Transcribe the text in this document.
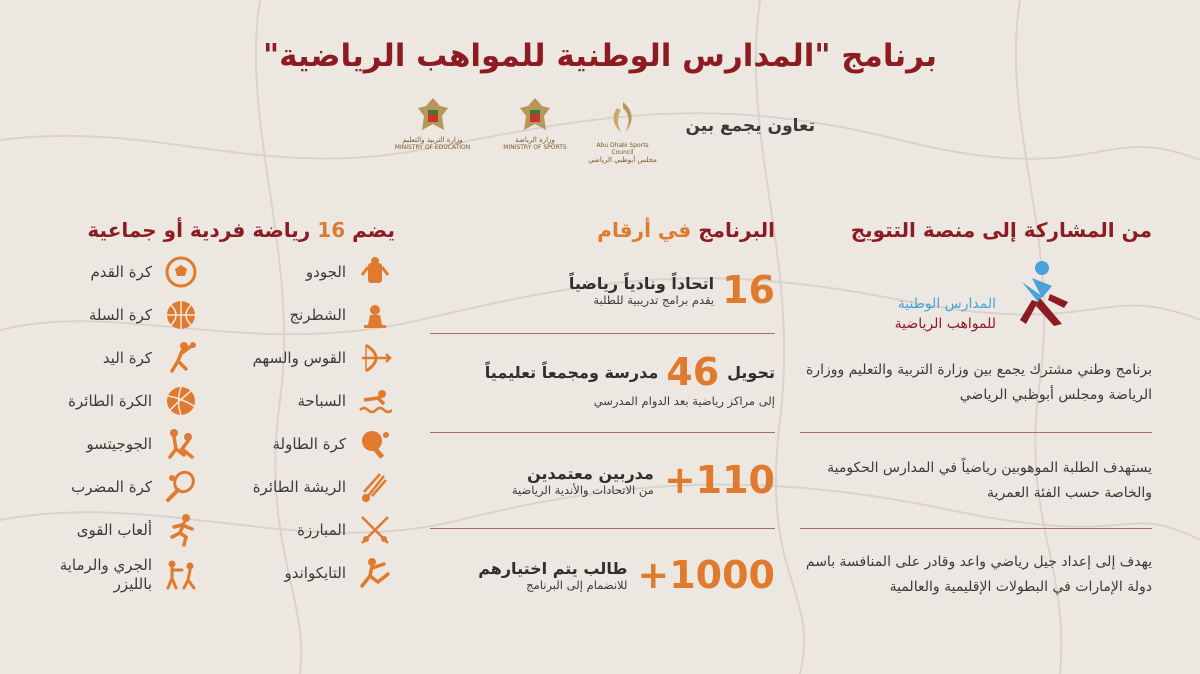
برنامج "المدارس الوطنية للمواهب الرياضية"
تعاون يجمع بين
Abu Dhabi Sports Council
مجلس أبوظبي الرياضي
وزارة الرياضة
MINISTRY OF SPORTS
وزارة التربية والتعليم
MINISTRY OF EDUCATION
من المشاركة إلى منصة التتويج
المدارس الوطنية
للمواهب الرياضية
برنامج وطني مشترك يجمع بين وزارة التربية والتعليم ووزارة الرياضة ومجلس أبوظبي الرياضي
يستهدف الطلبة الموهوبين رياضياً في المدارس الحكومية والخاصة حسب الفئة العمرية
يهدف إلى إعداد جيل رياضي واعد وقادر على المنافسة باسم دولة الإمارات في البطولات الإقليمية والعالمية
البرنامج في أرقام
16
اتحاداً ونادياً رياضياً
يقدم برامج تدريبية للطلبة
تحويل
46
مدرسة ومجمعاً تعليمياً
إلى مراكز رياضية بعد الدوام المدرسي
+110
مدربين معتمدين
من الاتحادات والأندية الرياضية
+1000
طالب يتم اختيارهم
للانضمام إلى البرنامج
يضم 16 رياضة فردية أو جماعية
الجودو
الشطرنج
القوس والسهم
السباحة
كرة الطاولة
الريشة الطائرة
المبارزة
التايكواندو
كرة القدم
كرة السلة
كرة اليد
الكرة الطائرة
الجوجيتسو
كرة المضرب
ألعاب القوى
الجري والرماية بالليزر
